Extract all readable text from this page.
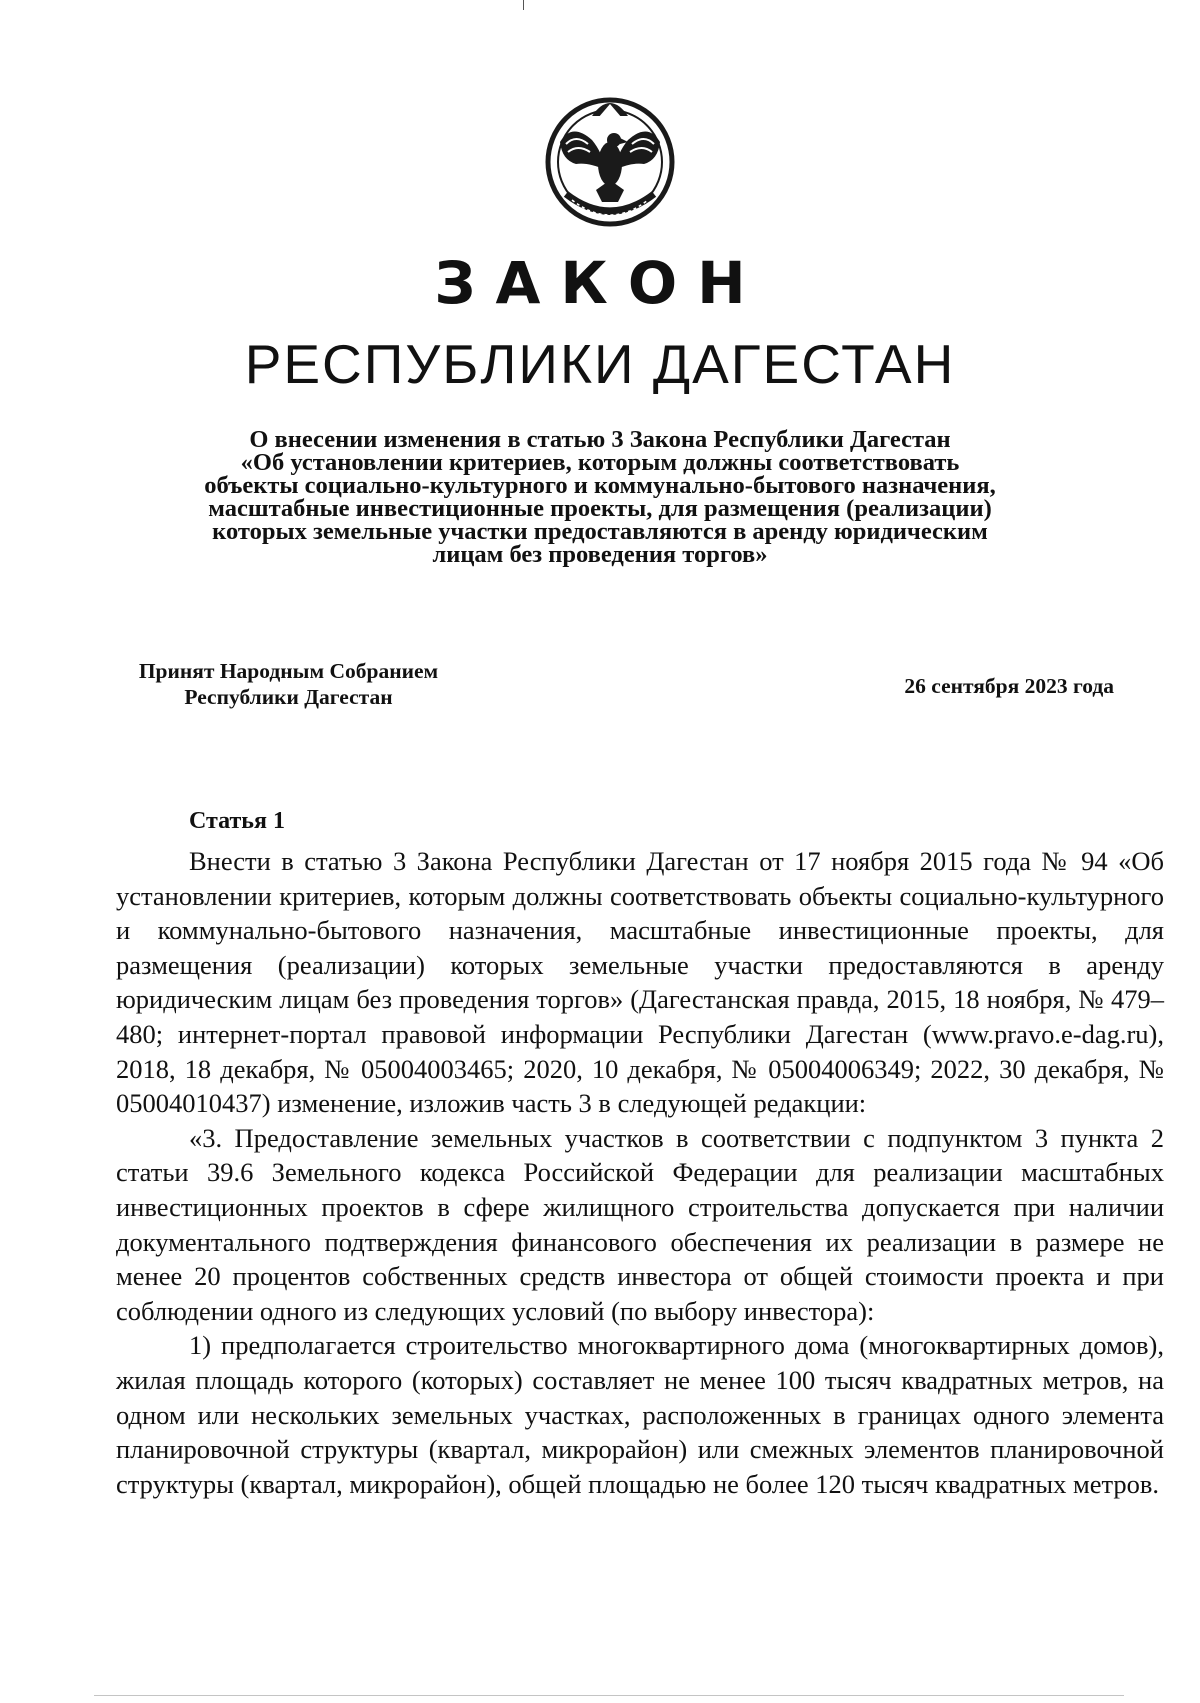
ЗАКОН
РЕСПУБЛИКИ ДАГЕСТАН
О внесении изменения в статью 3 Закона Республики Дагестан
«Об установлении критериев, которым должны соответствовать
объекты социально-культурного и коммунально-бытового назначения,
масштабные инвестиционные проекты, для размещения (реализации)
которых земельные участки предоставляются в аренду юридическим
лицам без проведения торгов»
Принят Народным Собранием
Республики Дагестан	26 сентября 2023 года
Статья 1

Внести в статью 3 Закона Республики Дагестан от 17 ноября 2015 года № 94 «Об установлении критериев, которым должны соответствовать объекты социально-культурного и коммунально-бытового назначения, масштабные инвестиционные проекты, для размещения (реализации) которых земельные участки предоставляются в аренду юридическим лицам без проведения торгов» (Дагестанская правда, 2015, 18 ноября, № 479–480; интернет-портал правовой информации Республики Дагестан (www.pravo.e-dag.ru), 2018, 18 декабря, № 05004003465; 2020, 10 декабря, № 05004006349; 2022, 30 декабря, № 05004010437) изменение, изложив часть 3 в следующей редакции:

«3. Предоставление земельных участков в соответствии с подпунктом 3 пункта 2 статьи 39.6 Земельного кодекса Российской Федерации для реализации масштабных инвестиционных проектов в сфере жилищного строительства допускается при наличии документального подтверждения финансового обеспечения их реализации в размере не менее 20 процентов собственных средств инвестора от общей стоимости проекта и при соблюдении одного из следующих условий (по выбору инвестора):

1) предполагается строительство многоквартирного дома (многоквартирных домов), жилая площадь которого (которых) составляет не менее 100 тысяч квадратных метров, на одном или нескольких земельных участках, расположенных в границах одного элемента планировочной структуры (квартал, микрорайон) или смежных элементов планировочной структуры (квартал, микрорайон), общей площадью не более 120 тысяч квадратных метров.
